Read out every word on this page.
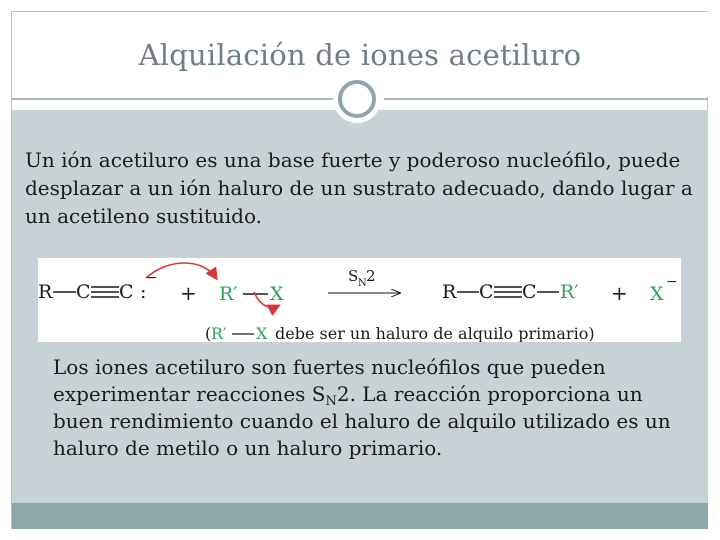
Alquilación de iones acetiluro
Un ión acetiluro es una base fuerte y poderoso nucleófilo, puede desplazar a un ión haluro de un sustrato adecuado, dando lugar a un acetileno sustituido.
R C C :
−
+ R′ X
S N 2
R C C R′ + X
−
( R′ X debe ser un haluro de alquilo primario)
Los iones acetiluro son fuertes nucleófilos que pueden experimentar reacciones $S_N2$. La reacción proporciona un buen rendimiento cuando el haluro de alquilo utilizado es un haluro de metilo o un haluro primario.
